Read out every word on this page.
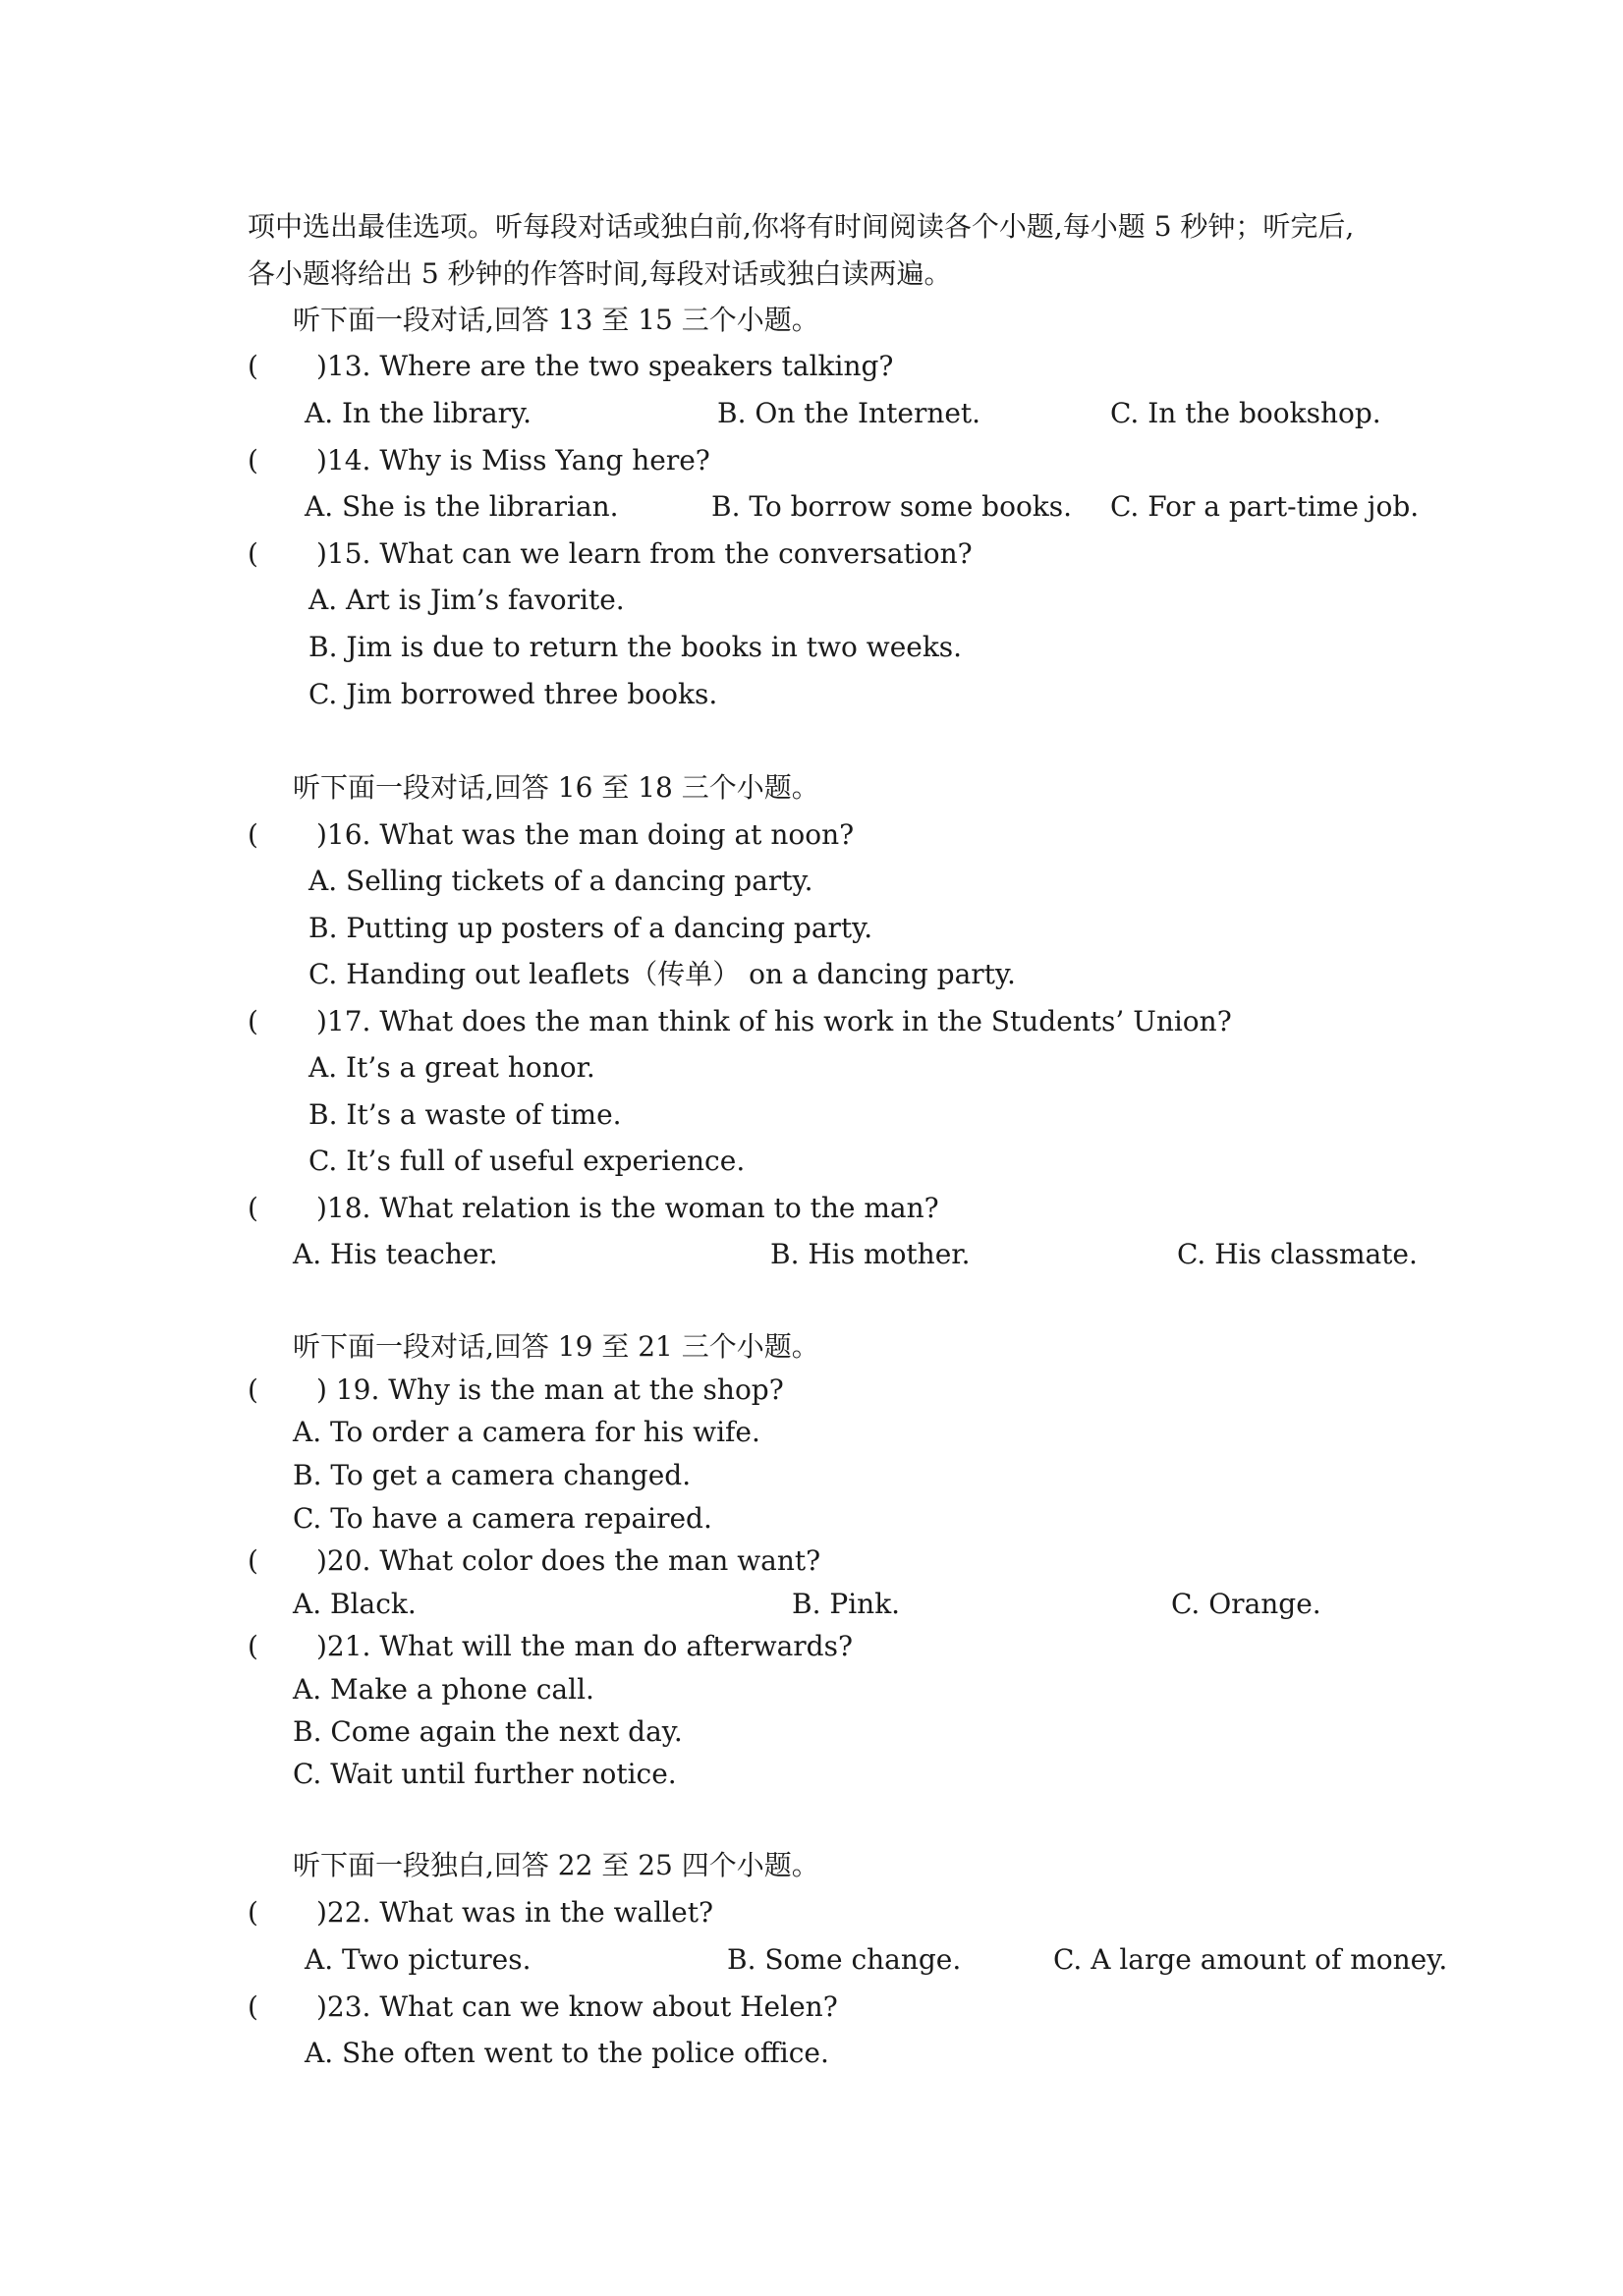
项中选出最佳选项。听每段对话或独白前,你将有时间阅读各个小题,每小题 5 秒钟；听完后,
各小题将给出 5 秒钟的作答时间,每段对话或独白读两遍。
听下面一段对话,回答 13 至 15 三个小题。
( )13. Where are the two speakers talking?
A. In the library.	B. On the Internet.	C. In the bookshop.
( )14. Why is Miss Yang here?
A. She is the librarian.	B. To borrow some books. C. For a part-time job.
( )15. What can we learn from the conversation?
A. Art is Jim’s favorite.
B. Jim is due to return the books in two weeks.
C. Jim borrowed three books.
听下面一段对话,回答 16 至 18 三个小题。
( )16. What was the man doing at noon?
A. Selling tickets of a dancing party.
B. Putting up posters of a dancing party.
C. Handing out leaflets（传单） on a dancing party.
( )17. What does the man think of his work in the Students’ Union?
A. It’s a great honor.
B. It’s a waste of time.
C. It’s full of useful experience.
( )18. What relation is the woman to the man?
A. His teacher.	B. His mother.	C. His classmate.
听下面一段对话,回答 19 至 21 三个小题。
( ) 19. Why is the man at the shop?
A. To order a camera for his wife.
B. To get a camera changed.
C. To have a camera repaired.
( )20. What color does the man want?
A. Black.	B. Pink.	C. Orange.
( )21. What will the man do afterwards?
A. Make a phone call.
B. Come again the next day.
C. Wait until further notice.
听下面一段独白,回答 22 至 25 四个小题。
( )22. What was in the wallet?
A. Two pictures.	B. Some change.	C. A large amount of money.
( )23. What can we know about Helen?
A. She often went to the police office.
